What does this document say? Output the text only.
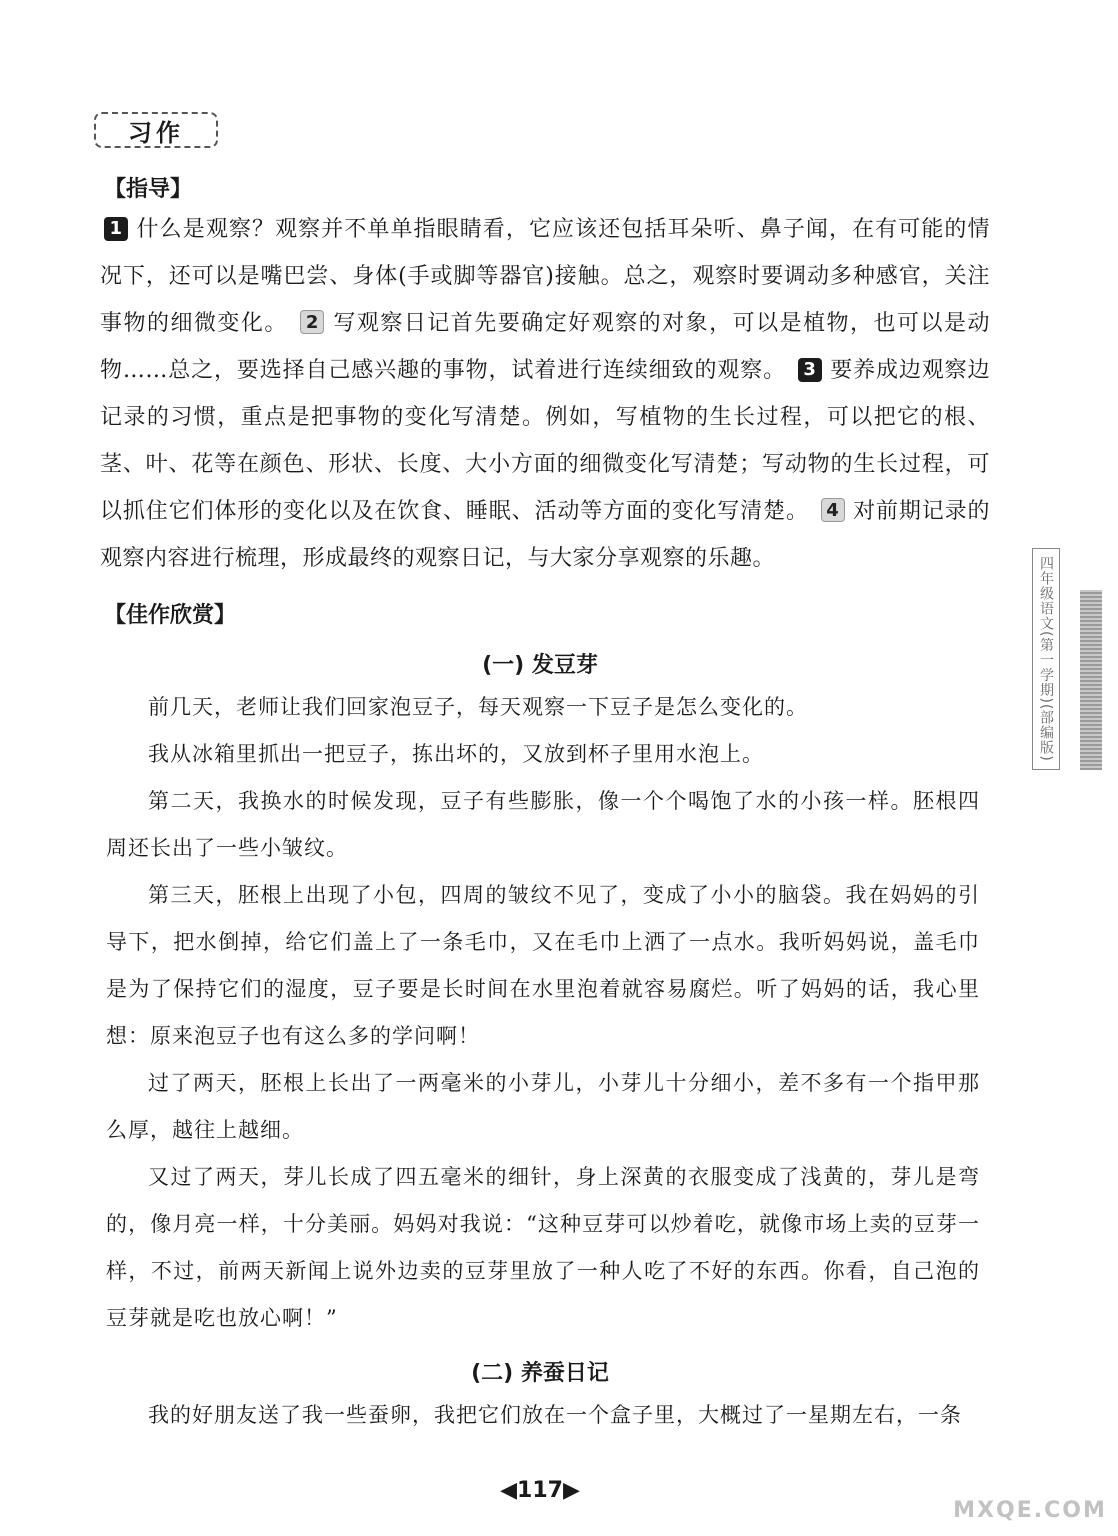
习作
【指导】
1 什么是观察？观察并不单单指眼睛看，它应该还包括耳朵听、鼻子闻，在有可能的情况下，还可以是嘴巴尝、身体(手或脚等器官)接触。总之，观察时要调动多种感官，关注事物的细微变化。 2 写观察日记首先要确定好观察的对象，可以是植物，也可以是动物……总之，要选择自己感兴趣的事物，试着进行连续细致的观察。 3 要养成边观察边记录的习惯，重点是把事物的变化写清楚。例如，写植物的生长过程，可以把它的根、茎、叶、花等在颜色、形状、长度、大小方面的细微变化写清楚；写动物的生长过程，可以抓住它们体形的变化以及在饮食、睡眠、活动等方面的变化写清楚。 4 对前期记录的观察内容进行梳理，形成最终的观察日记，与大家分享观察的乐趣。
【佳作欣赏】
(一) 发豆芽

前几天，老师让我们回家泡豆子，每天观察一下豆子是怎么变化的。

我从冰箱里抓出一把豆子，拣出坏的，又放到杯子里用水泡上。

第二天，我换水的时候发现，豆子有些膨胀，像一个个喝饱了水的小孩一样。胚根四周还长出了一些小皱纹。

第三天，胚根上出现了小包，四周的皱纹不见了，变成了小小的脑袋。我在妈妈的引导下，把水倒掉，给它们盖上了一条毛巾，又在毛巾上洒了一点水。我听妈妈说，盖毛巾是为了保持它们的湿度，豆子要是长时间在水里泡着就容易腐烂。听了妈妈的话，我心里想：原来泡豆子也有这么多的学问啊！

过了两天，胚根上长出了一两毫米的小芽儿，小芽儿十分细小，差不多有一个指甲那么厚，越往上越细。

又过了两天，芽儿长成了四五毫米的细针，身上深黄的衣服变成了浅黄的，芽儿是弯的，像月亮一样，十分美丽。妈妈对我说：“这种豆芽可以炒着吃，就像市场上卖的豆芽一样，不过，前两天新闻上说外边卖的豆芽里放了一种人吃了不好的东西。你看，自己泡的豆芽就是吃也放心啊！”

(二) 养蚕日记

我的好朋友送了我一些蚕卵，我把它们放在一个盒子里，大概过了一星期左右，一条

四年级语文(第一学期)(部编版)
◀117▶
MXQE.COM
